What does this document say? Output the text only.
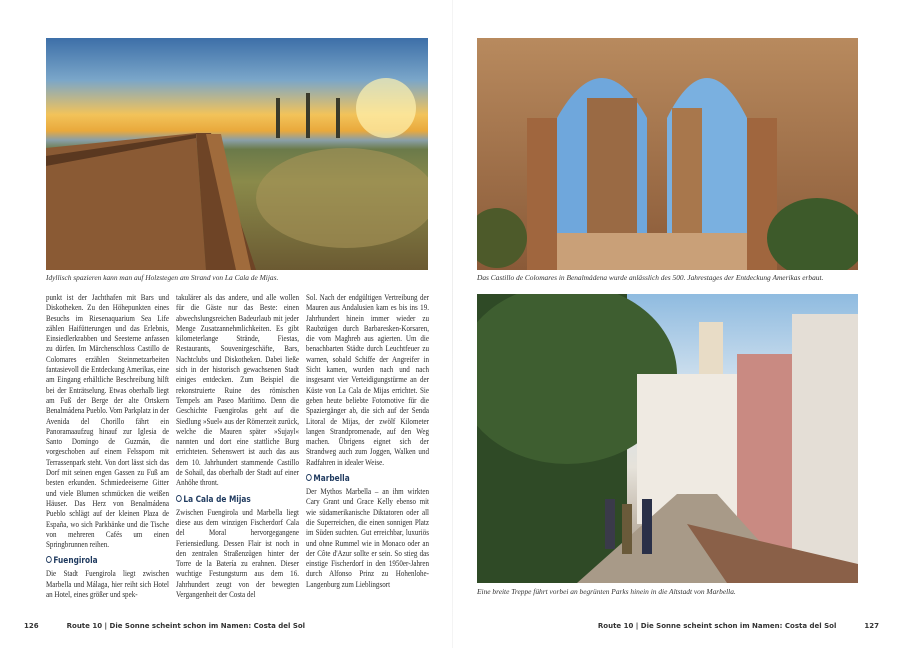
Idyllisch spazieren kann man auf Holzstegen am Strand von La Cala de Mijas.

punkt ist der Jachthafen mit Bars und Diskotheken. Zu den Höhepunkten eines Besuchs im Riesenaquarium Sea Life zählen Haifütterungen und das Erlebnis, Einsiedlerkrabben und Seesterne anfassen zu dürfen. Im Märchenschloss Castillo de Colomares erzählen Steinmetzarbeiten fantasievoll die Entdeckung Amerikas, eine am Eingang erhältliche Beschreibung hilft bei der Enträtselung. Etwas oberhalb liegt am Fuß der Berge der alte Ortskern Benalmádena Pueblo. Vom Parkplatz in der Avenida del Chorillo fährt ein Panoramaaufzug hinauf zur Iglesia de Santo Domingo de Guzmán, die vorgeschoben auf einem Felssporn mit Terrassenpark steht. Von dort lässt sich das Dorf mit seinen engen Gassen zu Fuß am besten erkunden. Schmiedeeiserne Gitter und viele Blumen schmücken die weißen Häuser. Das Herz von Benalmádena Pueblo schlägt auf der kleinen Plaza de España, wo sich Parkbänke und die Tische von mehreren Cafés um einen Springbrunnen reihen.

Fuengirola

Die Stadt Fuengirola liegt zwischen Marbella und Málaga, hier reiht sich Hotel an Hotel, eines größer und spek-

takulärer als das andere, und alle wollen für die Gäste nur das Beste: einen abwechslungsreichen Badeurlaub mit jeder Menge Zusatzannehmlichkeiten. Es gibt kilometerlange Strände, Fiestas, Restaurants, Souvenirgeschäfte, Bars, Nachtclubs und Diskotheken. Dabei ließe sich in der historisch gewachsenen Stadt einiges entdecken. Zum Beispiel die rekonstruierte Ruine des römischen Tempels am Paseo Marítimo. Denn die Geschichte Fuengirolas geht auf die Siedlung »Suel« aus der Römerzeit zurück, welche die Mauren später »Sujayl« nannten und dort eine stattliche Burg errichteten. Sehenswert ist auch das aus dem 10. Jahrhundert stammende Castillo de Sohail, das oberhalb der Stadt auf einer Anhöhe thront.

La Cala de Mijas

Zwischen Fuengirola und Marbella liegt diese aus dem winzigen Fischerdorf Cala del Moral hervorgegangene Feriensiedlung. Dessen Flair ist noch in den zentralen Straßenzügen hinter der Torre de la Batería zu erahnen. Dieser wuchtige Festungsturm aus dem 16. Jahrhundert zeugt von der bewegten Vergangenheit der Costa del

Sol. Nach der endgültigen Vertreibung der Mauren aus Andalusien kam es bis ins 19. Jahrhundert hinein immer wieder zu Raubzügen durch Barbaresken-Korsaren, die vom Maghreb aus agierten. Um die benachbarten Städte durch Leuchtfeuer zu warnen, sobald Schiffe der Angreifer in Sicht kamen, wurden nach und nach insgesamt vier Verteidigungstürme an der Küste von La Cala de Mijas errichtet. Sie geben heute beliebte Fotomotive für die Spaziergänger ab, die sich auf der Senda Litoral de Mijas, der zwölf Kilometer langen Strandpromenade, auf den Weg machen. Übrigens eignet sich der Strandweg auch zum Joggen, Walken und Radfahren in idealer Weise.

Marbella

Der Mythos Marbella – an ihm wirkten Cary Grant und Grace Kelly ebenso mit wie südamerikanische Diktatoren oder all die Superreichen, die einen sonnigen Platz im Süden suchten. Gut erreichbar, luxuriös und ohne Rummel wie in Monaco oder an der Côte d'Azur sollte er sein. So stieg das einstige Fischerdorf in den 1950er-Jahren durch Alfonso Prinz zu Hohenlohe-Langenburg zum Lieblingsort

Das Castillo de Colomares in Benalmádena wurde anlässlich des 500. Jahrestages der Entdeckung Amerikas erbaut.
Eine breite Treppe führt vorbei an begrünten Parks hinein in die Altstadt von Marbella.
126	Route 10 | Die Sonne scheint schon im Namen: Costa del Sol	Route 10 | Die Sonne scheint schon im Namen: Costa del Sol	127
